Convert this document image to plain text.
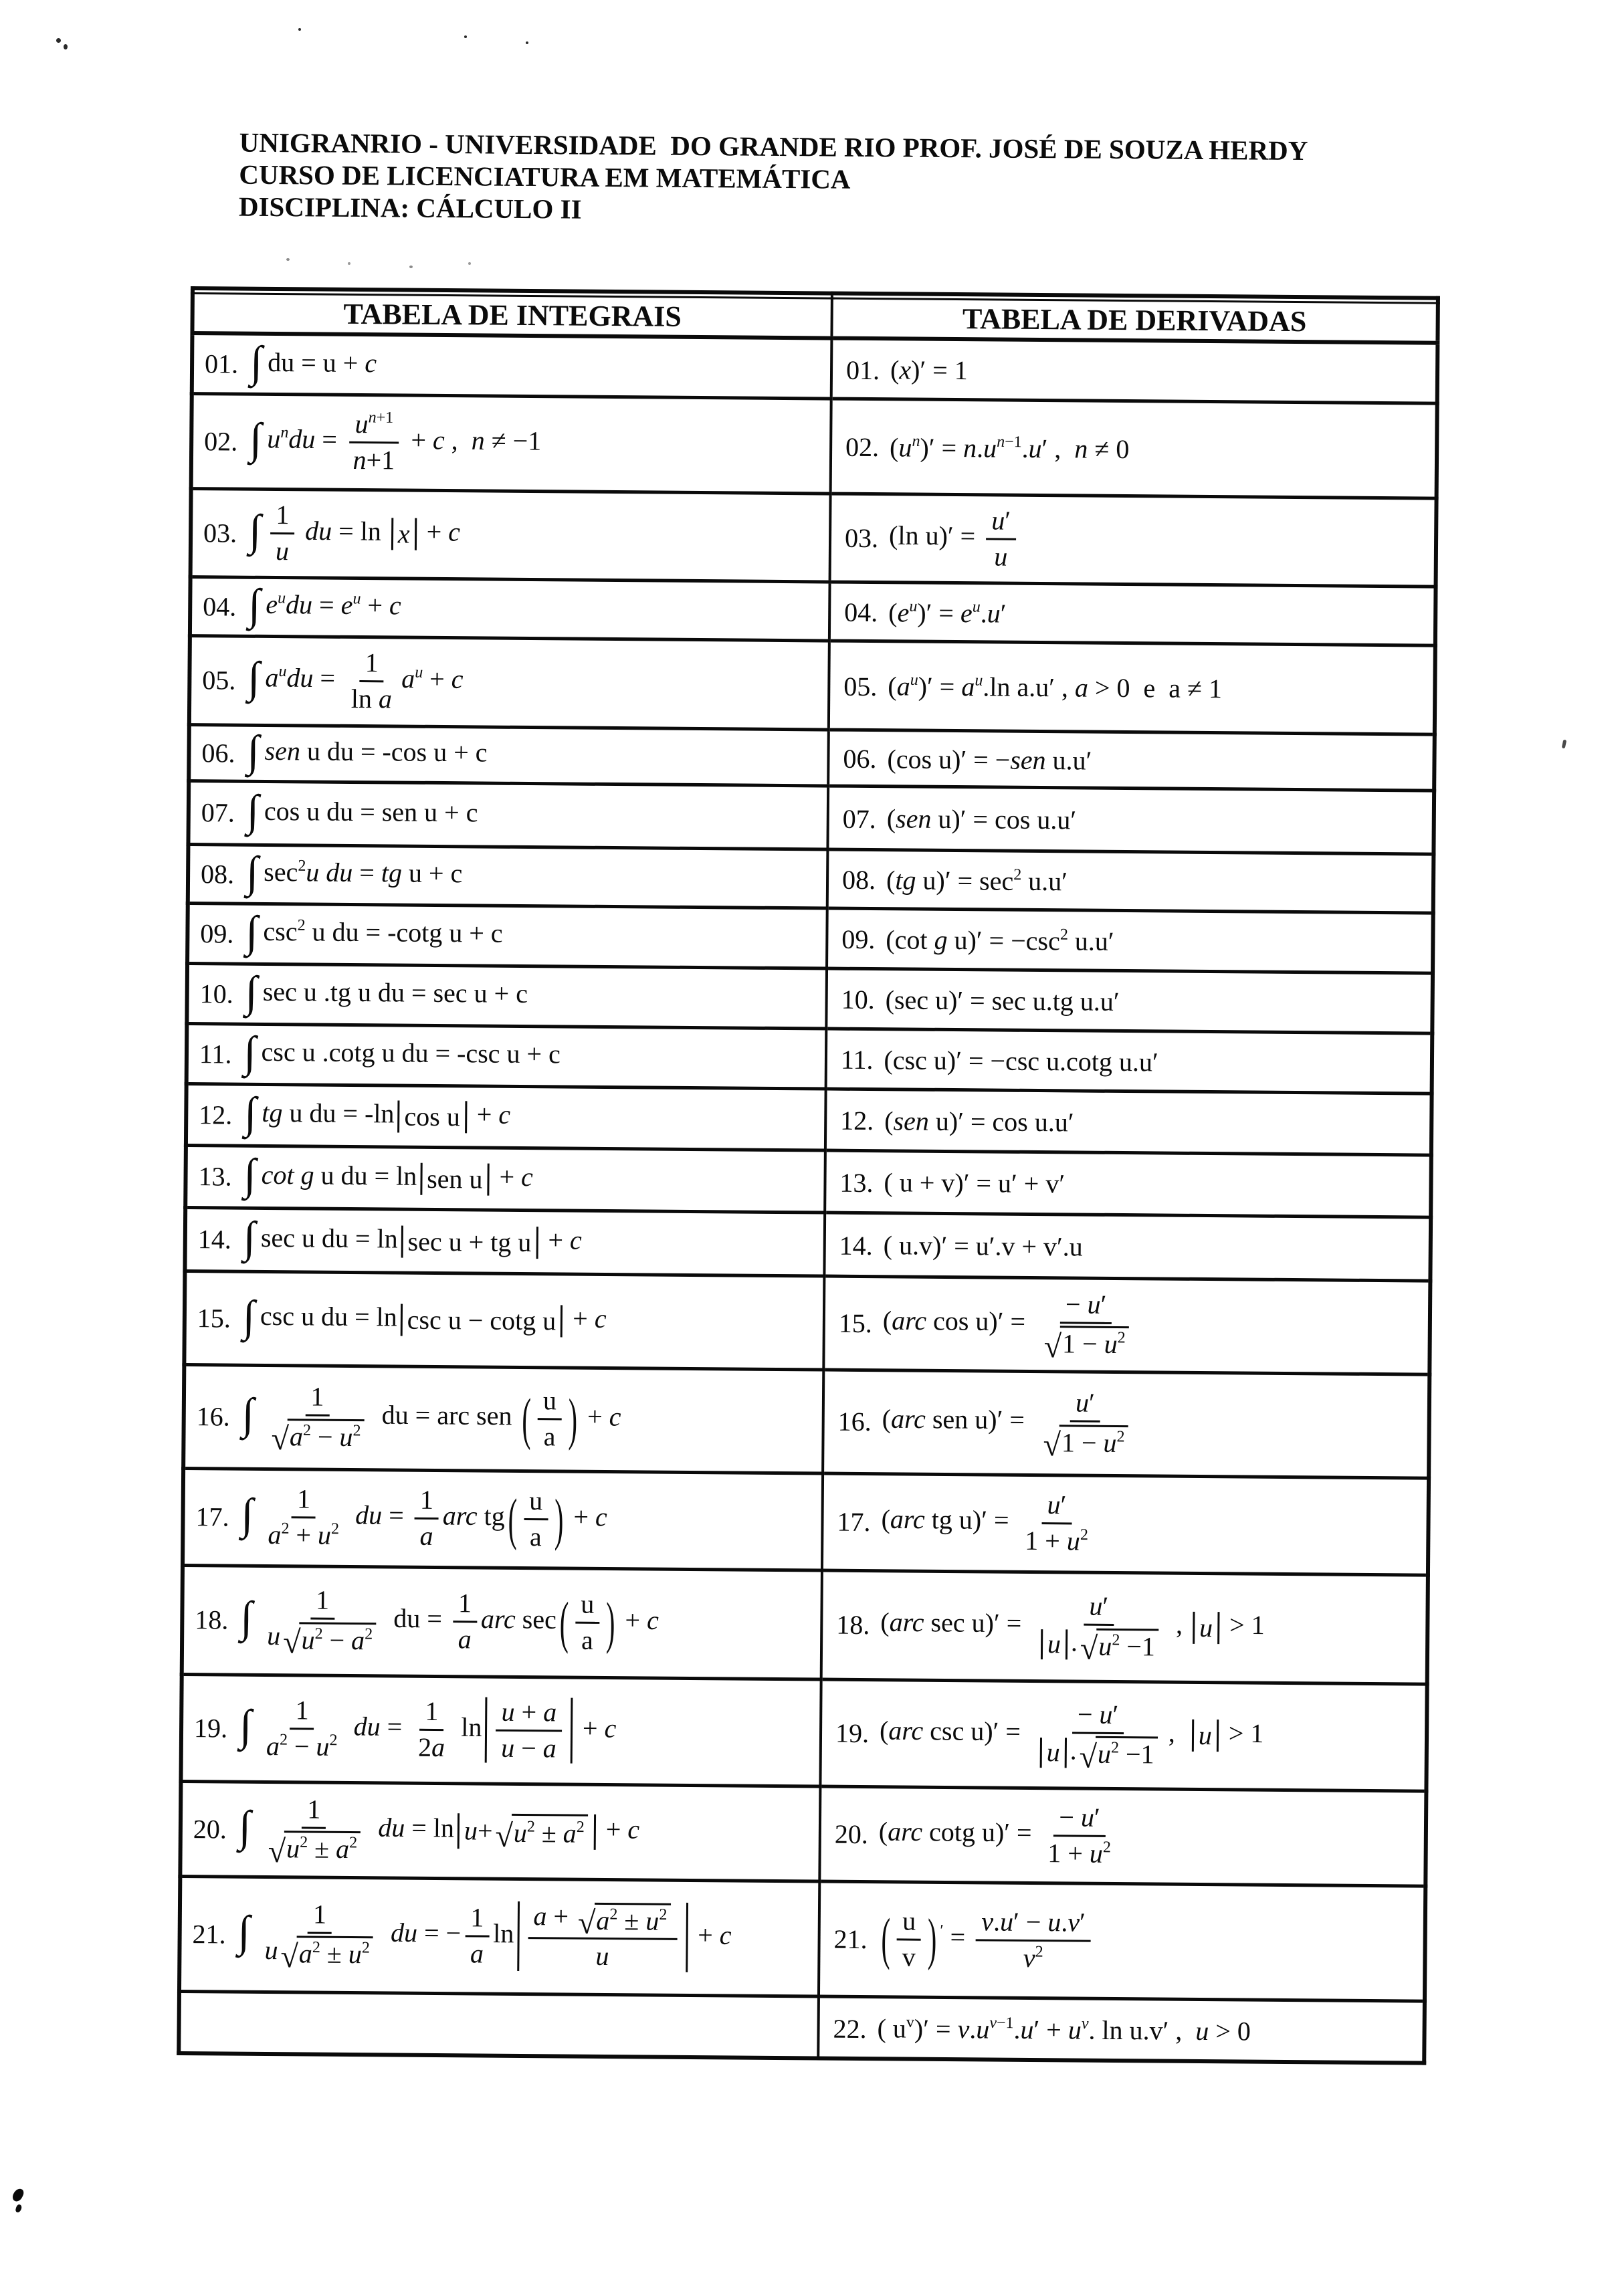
UNIGRANRIO - UNIVERSIDADE  DO GRANDE RIO PROF. JOSÉ DE SOUZA HERDY
CURSO DE LICENCIATURA EM MATEMÁTICA
DISCIPLINA: CÁLCULO II
TABELA DE INTEGRAIS	TABELA DE DERIVADAS
01. ∫ du = u + c	01. (x)′ = 1
02. ∫ $u^ndu = \frac{u^{n+1}}{n+1} + c$ ,  n ≠ −1	02. $(u^n)' = n.u^{n-1}.u'$ ,  n ≠ 0
03. ∫ $\frac{1}{u}$ du = ln x + c	03. (ln $u)' = \frac{u'}{u}$

04. ∫ $e^udu = e^u + c$	04. $(e^u)' = e^u.u'$
05. ∫ $a^udu = \frac{1}{\text{ln a}} a^u + c$	05. $(a^u)' = a^u.\ln$ a.u′ , a > 0  e  a ≠ 1
06. ∫ sen u du = -cos u + c	06. (cos u)′ = −sen u.u′
07. ∫ cos u du = sen u + c	07. (sen u)′ = cos u.u′
08. ∫ $\sec^2u$ du = tg u + c	08. (tg $u)' = \sec^2 u.u'$
09. ∫ $\csc^2 u$ du = -cotg u + c	09. (cot g $u)' = -\csc^2$ u.u′
10. ∫ sec u .tg u du = sec u + c	10. (sec u)′ = sec u.tg u.u′
11. ∫ csc u .cotg u du = -csc u + c	11. (csc u)′ = −csc u.cotg u.u′
12. ∫ tg u du = -ln cos u + c	12. (sen u)′ = cos u.u′
13. ∫ cot g u du = ln sen u + c	13. ( u + v)′ = u′ + v′
14. ∫ sec u du = ln sec u + tg u + c	14. ( u.v)′ = u′.v + v′.u
15. ∫ csc u du = ln csc u − cotg u + c	15. (arc $\cos u)' = \frac{- u'}{√ 1 - u^2}$

16. ∫ $\frac{1}{√ a^2 - u^2}$ du = arc sen ( $\frac{u}{a}$ ) + c	16. (arc sen $u)' = \frac{u'}{√ 1 - u^2}$

17. ∫ $\frac{1}{a^2 + u^2}$ du = $\frac{1}{a}$ arc tg ( $\frac{u}{a}$ ) + c	17. (arc tg $u)' = \frac{u'}{1 + u^2}$

18. ∫ $\frac{1}{u √ u^2 - a^2}$ du = $\frac{1}{a}$ arc sec ( $\frac{u}{a}$ ) + c	18. (arc $\sec u)' = \frac{u'}{u . √ u^2 -1}$ , u > 1
19. ∫ $\frac{1}{a^2 - u^2}$ du = $\frac{1}{2a}$ ln
u + a
u − a
+ c	19. (arc $\csc u)' = \frac{- u'}{u . √ u^2 -1}$ , u > 1
20. ∫ $\frac{1}{√ u^2 \pm a^2}$ du = ln u + √ $u^2 \pm a^2 + c$	20. (arc cotg $u)' = \frac{- u'}{1 + u^2}$

21. ∫ $\frac{1}{u √ a^2 \pm u^2}$ du = − $\frac{1}{a}$ ln
a + √ $a^2 \pm u^2$
u
+ c	21. ( $\frac{u}{v}$ ) $' = \frac{v.u' - u.v'}{v^2}$

	22. ( $u^v)' = v.u^{v-1}.u' + u^v$. ln u.v′ ,  u > 0
